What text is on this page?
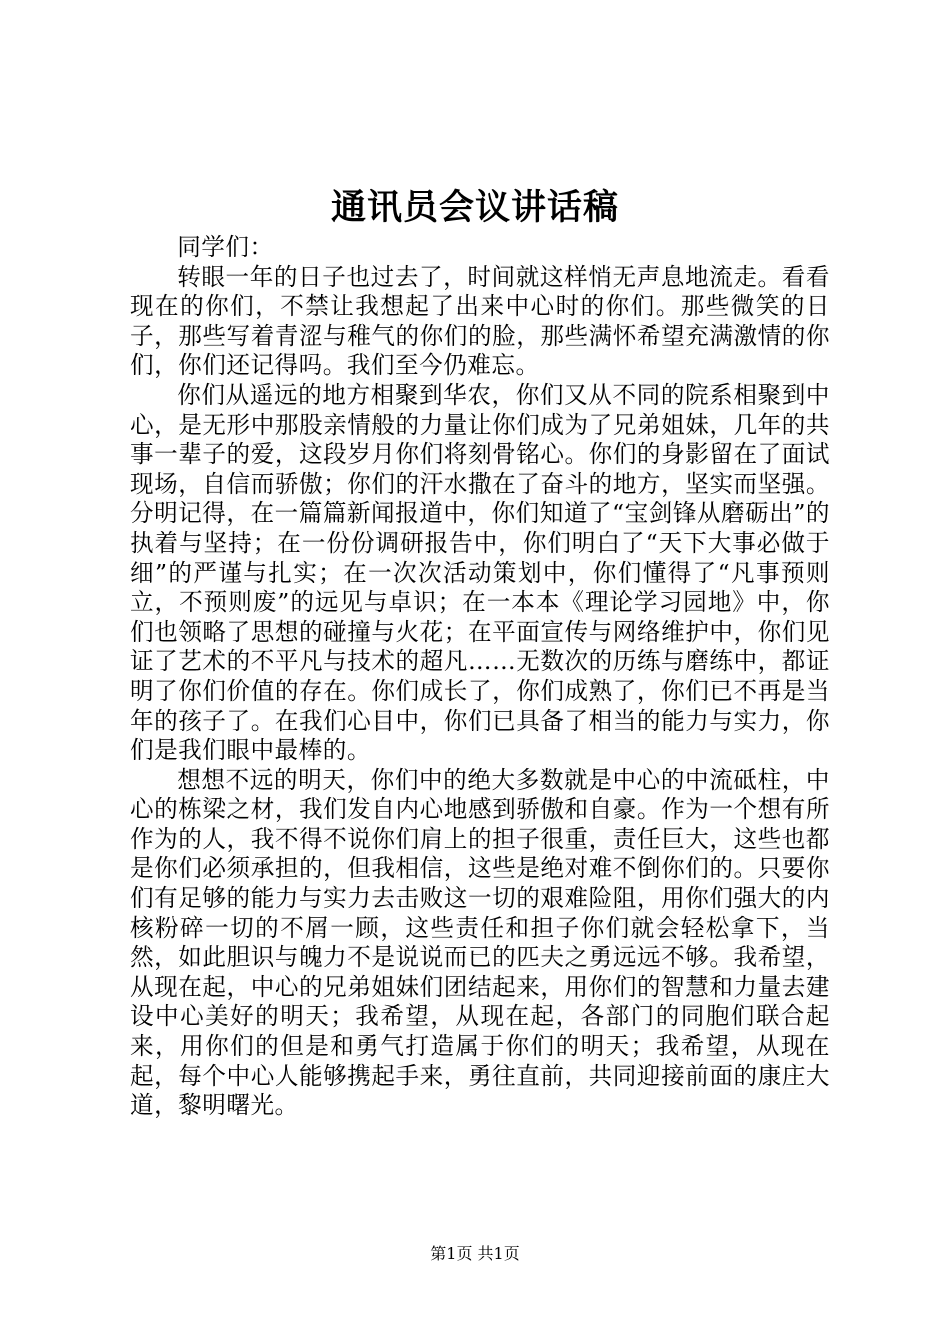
通讯员会议讲话稿

同学们：

转眼一年的日子也过去了，时间就这样悄无声息地流走。看看现在的你们，不禁让我想起了出来中心时的你们。那些微笑的日子，那些写着青涩与稚气的你们的脸，那些满怀希望充满激情的你们，你们还记得吗。我们至今仍难忘。

你们从遥远的地方相聚到华农，你们又从不同的院系相聚到中心，是无形中那股亲情般的力量让你们成为了兄弟姐妹，几年的共事一辈子的爱，这段岁月你们将刻骨铭心。你们的身影留在了面试现场，自信而骄傲；你们的汗水撒在了奋斗的地方，坚实而坚强。分明记得，在一篇篇新闻报道中，你们知道了“宝剑锋从磨砺出”的执着与坚持；在一份份调研报告中，你们明白了“天下大事必做于细”的严谨与扎实；在一次次活动策划中，你们懂得了“凡事预则立，不预则废”的远见与卓识；在一本本《理论学习园地》中，你们也领略了思想的碰撞与火花；在平面宣传与网络维护中，你们见证了艺术的不平凡与技术的超凡……无数次的历练与磨练中，都证明了你们价值的存在。你们成长了，你们成熟了，你们已不再是当年的孩子了。在我们心目中，你们已具备了相当的能力与实力，你们是我们眼中最棒的。

想想不远的明天，你们中的绝大多数就是中心的中流砥柱，中心的栋梁之材，我们发自内心地感到骄傲和自豪。作为一个想有所作为的人，我不得不说你们肩上的担子很重，责任巨大，这些也都是你们必须承担的，但我相信，这些是绝对难不倒你们的。只要你们有足够的能力与实力去击败这一切的艰难险阻，用你们强大的内核粉碎一切的不屑一顾，这些责任和担子你们就会轻松拿下，当然，如此胆识与魄力不是说说而已的匹夫之勇远远不够。我希望，从现在起，中心的兄弟姐妹们团结起来，用你们的智慧和力量去建设中心美好的明天；我希望，从现在起，各部门的同胞们联合起来，用你们的但是和勇气打造属于你们的明天；我希望，从现在起，每个中心人能够携起手来，勇往直前，共同迎接前面的康庄大道，黎明曙光。

第1页 共1页
